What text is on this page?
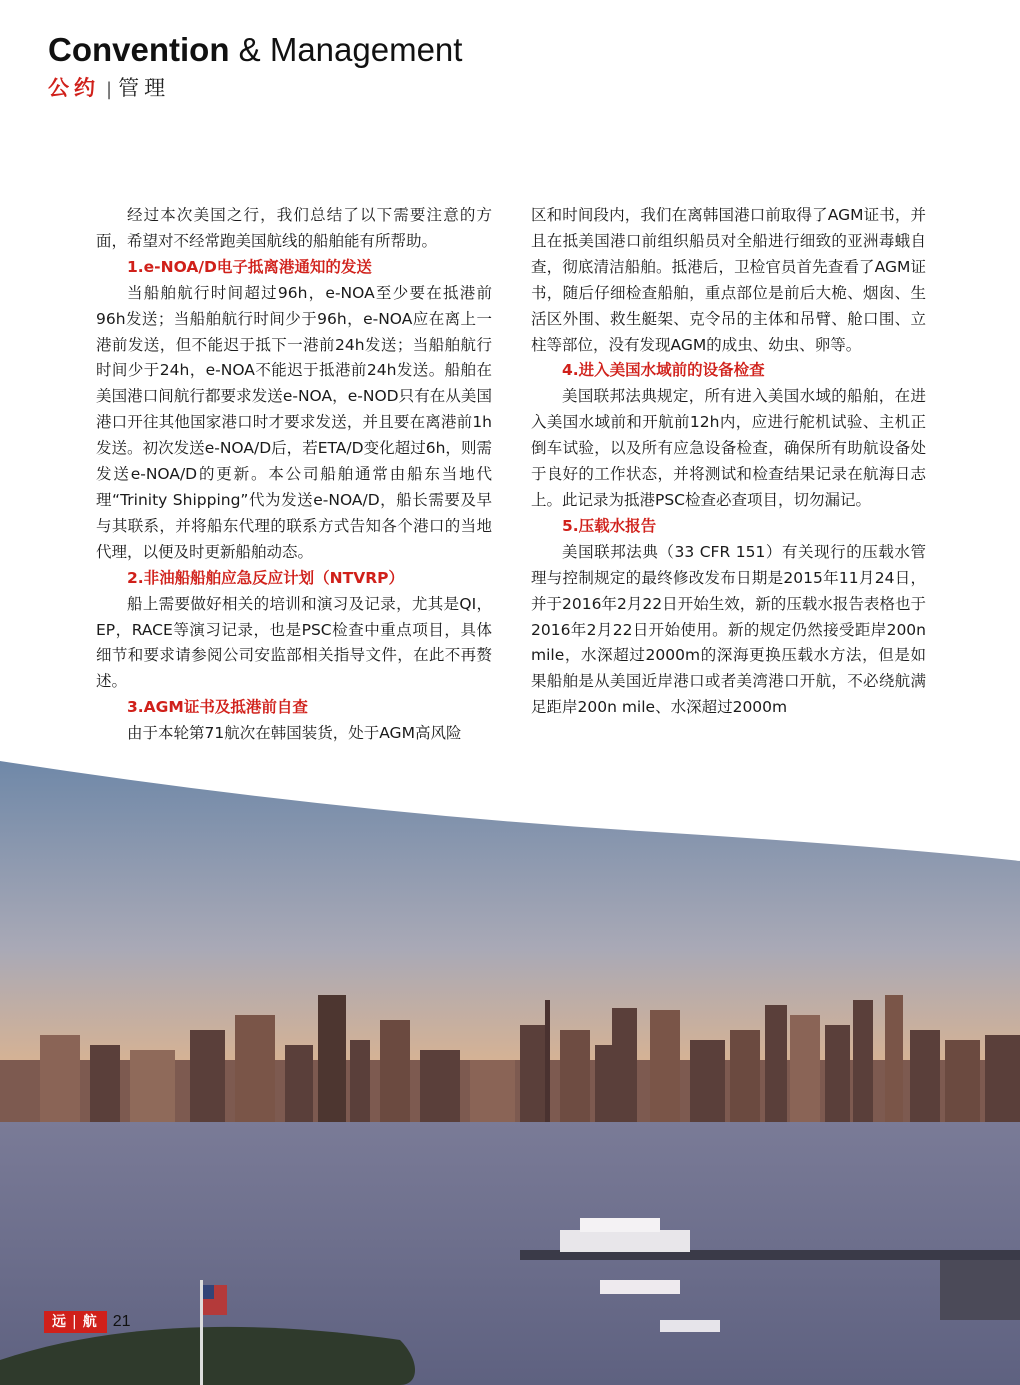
Convention & Management
公约 | 管理

经过本次美国之行，我们总结了以下需要注意的方面，希望对不经常跑美国航线的船舶能有所帮助。

1.e-NOA/D电子抵离港通知的发送

当船舶航行时间超过96h，e-NOA至少要在抵港前96h发送；当船舶航行时间少于96h，e-NOA应在离上一港前发送，但不能迟于抵下一港前24h发送；当船舶航行时间少于24h，e-NOA不能迟于抵港前24h发送。船舶在美国港口间航行都要求发送e-NOA，e-NOD只有在从美国港口开往其他国家港口时才要求发送，并且要在离港前1h发送。初次发送e-NOA/D后，若ETA/D变化超过6h，则需发送e-NOA/D的更新。本公司船舶通常由船东当地代理“Trinity Shipping”代为发送e-NOA/D，船长需要及早与其联系，并将船东代理的联系方式告知各个港口的当地代理，以便及时更新船舶动态。

2.非油船船舶应急反应计划（NTVRP）

船上需要做好相关的培训和演习及记录，尤其是QI，EP，RACE等演习记录，也是PSC检查中重点项目，具体细节和要求请参阅公司安监部相关指导文件，在此不再赘述。

3.AGM证书及抵港前自查

由于本轮第71航次在韩国装货，处于AGM高风险

区和时间段内，我们在离韩国港口前取得了AGM证书，并且在抵美国港口前组织船员对全船进行细致的亚洲毒蛾自查，彻底清洁船舶。抵港后，卫检官员首先查看了AGM证书，随后仔细检查船舶，重点部位是前后大桅、烟囱、生活区外围、救生艇架、克令吊的主体和吊臂、舱口围、立柱等部位，没有发现AGM的成虫、幼虫、卵等。

4.进入美国水域前的设备检查

美国联邦法典规定，所有进入美国水域的船舶，在进入美国水域前和开航前12h内，应进行舵机试验、主机正倒车试验，以及所有应急设备检查，确保所有助航设备处于良好的工作状态，并将测试和检查结果记录在航海日志上。此记录为抵港PSC检查必查项目，切勿漏记。

5.压载水报告

美国联邦法典（33 CFR 151）有关现行的压载水管理与控制规定的最终修改发布日期是2015年11月24日，并于2016年2月22日开始生效，新的压载水报告表格也于2016年2月22日开始使用。新的规定仍然接受距岸200n mile，水深超过2000m的深海更换压载水方法，但是如果船舶是从美国近岸港口或者美湾港口开航，不必绕航满足距岸200n mile、水深超过2000m

远 | 航 21
